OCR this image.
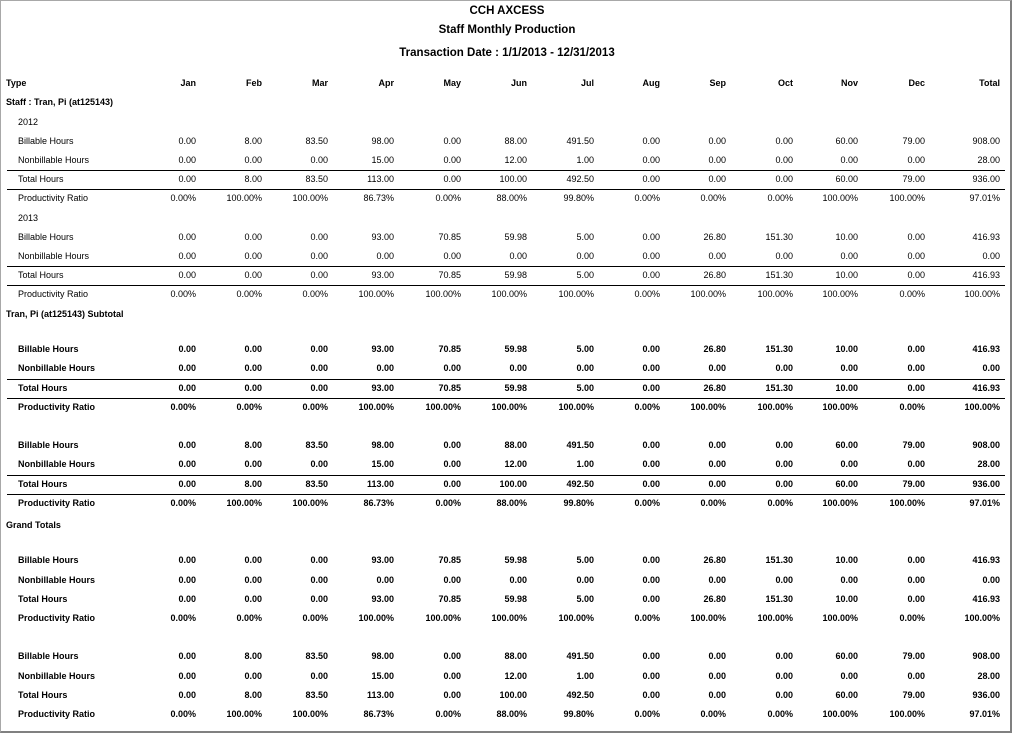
CCH AXCESS
Staff Monthly Production
Transaction Date : 1/1/2013 - 12/31/2013
Type	Jan	Feb	Mar	Apr	May	Jun	Jul	Aug	Sep	Oct	Nov	Dec	Total
Staff : Tran, Pi (at125143)
2012
2013
Tran, Pi (at125143) Subtotal
Grand Totals
Billable Hours	0.00	8.00	83.50	98.00	0.00	88.00	491.50	0.00	0.00	0.00	60.00	79.00	908.00
Nonbillable Hours	0.00	0.00	0.00	15.00	0.00	12.00	1.00	0.00	0.00	0.00	0.00	0.00	28.00
Total Hours	0.00	8.00	83.50	113.00	0.00	100.00	492.50	0.00	0.00	0.00	60.00	79.00	936.00
Productivity Ratio	0.00%	100.00%	100.00%	86.73%	0.00%	88.00%	99.80%	0.00%	0.00%	0.00%	100.00%	100.00%	97.01%
Billable Hours	0.00	0.00	0.00	93.00	70.85	59.98	5.00	0.00	26.80	151.30	10.00	0.00	416.93
Nonbillable Hours	0.00	0.00	0.00	0.00	0.00	0.00	0.00	0.00	0.00	0.00	0.00	0.00	0.00
Total Hours	0.00	0.00	0.00	93.00	70.85	59.98	5.00	0.00	26.80	151.30	10.00	0.00	416.93
Productivity Ratio	0.00%	0.00%	0.00%	100.00%	100.00%	100.00%	100.00%	0.00%	100.00%	100.00%	100.00%	0.00%	100.00%
Billable Hours	0.00	0.00	0.00	93.00	70.85	59.98	5.00	0.00	26.80	151.30	10.00	0.00	416.93
Nonbillable Hours	0.00	0.00	0.00	0.00	0.00	0.00	0.00	0.00	0.00	0.00	0.00	0.00	0.00
Total Hours	0.00	0.00	0.00	93.00	70.85	59.98	5.00	0.00	26.80	151.30	10.00	0.00	416.93
Productivity Ratio	0.00%	0.00%	0.00%	100.00%	100.00%	100.00%	100.00%	0.00%	100.00%	100.00%	100.00%	0.00%	100.00%
Billable Hours	0.00	8.00	83.50	98.00	0.00	88.00	491.50	0.00	0.00	0.00	60.00	79.00	908.00
Nonbillable Hours	0.00	0.00	0.00	15.00	0.00	12.00	1.00	0.00	0.00	0.00	0.00	0.00	28.00
Total Hours	0.00	8.00	83.50	113.00	0.00	100.00	492.50	0.00	0.00	0.00	60.00	79.00	936.00
Productivity Ratio	0.00%	100.00%	100.00%	86.73%	0.00%	88.00%	99.80%	0.00%	0.00%	0.00%	100.00%	100.00%	97.01%
Billable Hours	0.00	0.00	0.00	93.00	70.85	59.98	5.00	0.00	26.80	151.30	10.00	0.00	416.93
Nonbillable Hours	0.00	0.00	0.00	0.00	0.00	0.00	0.00	0.00	0.00	0.00	0.00	0.00	0.00
Total Hours	0.00	0.00	0.00	93.00	70.85	59.98	5.00	0.00	26.80	151.30	10.00	0.00	416.93
Productivity Ratio	0.00%	0.00%	0.00%	100.00%	100.00%	100.00%	100.00%	0.00%	100.00%	100.00%	100.00%	0.00%	100.00%
Billable Hours	0.00	8.00	83.50	98.00	0.00	88.00	491.50	0.00	0.00	0.00	60.00	79.00	908.00
Nonbillable Hours	0.00	0.00	0.00	15.00	0.00	12.00	1.00	0.00	0.00	0.00	0.00	0.00	28.00
Total Hours	0.00	8.00	83.50	113.00	0.00	100.00	492.50	0.00	0.00	0.00	60.00	79.00	936.00
Productivity Ratio	0.00%	100.00%	100.00%	86.73%	0.00%	88.00%	99.80%	0.00%	0.00%	0.00%	100.00%	100.00%	97.01%
